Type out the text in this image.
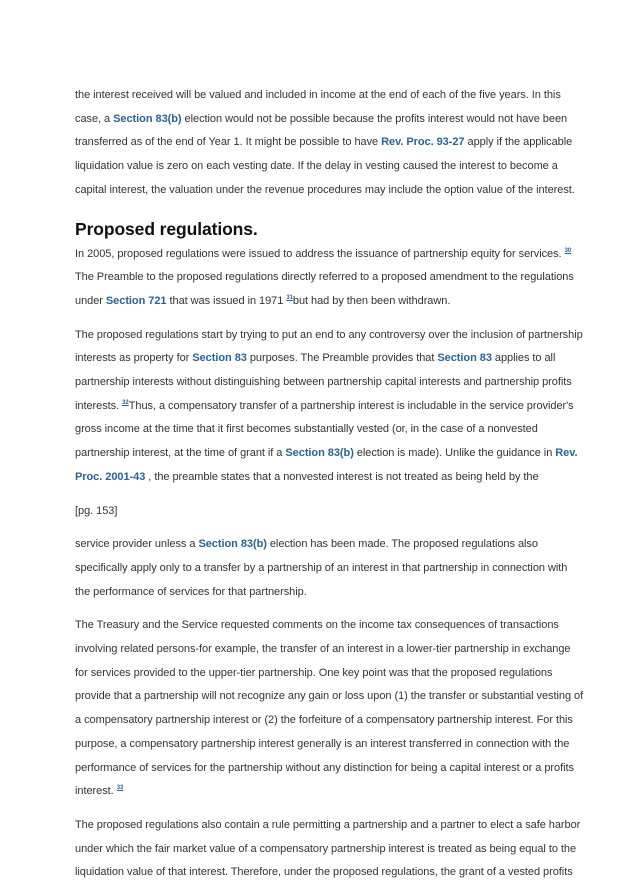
the interest received will be valued and included in income at the end of each of the five years. In this
case, a Section 83(b) election would not be possible because the profits interest would not have been
transferred as of the end of Year 1. It might be possible to have Rev. Proc. 93-27 apply if the applicable
liquidation value is zero on each vesting date. If the delay in vesting caused the interest to become a
capital interest, the valuation under the revenue procedures may include the option value of the interest.

Proposed regulations.

In 2005, proposed regulations were issued to address the issuance of partnership equity for services. $^{30}$
The Preamble to the proposed regulations directly referred to a proposed amendment to the regulations
under Section 721 that was issued in 1971 $^{31}$but had by then been withdrawn.

The proposed regulations start by trying to put an end to any controversy over the inclusion of partnership
interests as property for Section 83 purposes. The Preamble provides that Section 83 applies to all
partnership interests without distinguishing between partnership capital interests and partnership profits
interests. $^{32}$Thus, a compensatory transfer of a partnership interest is includable in the service provider's
gross income at the time that it first becomes substantially vested (or, in the case of a nonvested
partnership interest, at the time of grant if a Section 83(b) election is made). Unlike the guidance in Rev.
Proc. 2001-43 , the preamble states that a nonvested interest is not treated as being held by the

[pg. 153]

service provider unless a Section 83(b) election has been made. The proposed regulations also
specifically apply only to a transfer by a partnership of an interest in that partnership in connection with
the performance of services for that partnership.

The Treasury and the Service requested comments on the income tax consequences of transactions
involving related persons-for example, the transfer of an interest in a lower-tier partnership in exchange
for services provided to the upper-tier partnership. One key point was that the proposed regulations
provide that a partnership will not recognize any gain or loss upon (1) the transfer or substantial vesting of
a compensatory partnership interest or (2) the forfeiture of a compensatory partnership interest. For this
purpose, a compensatory partnership interest generally is an interest transferred in connection with the
performance of services for the partnership without any distinction for being a capital interest or a profits
interest. $^{33}$

The proposed regulations also contain a rule permitting a partnership and a partner to elect a safe harbor
under which the fair market value of a compensatory partnership interest is treated as being equal to the
liquidation value of that interest. Therefore, under the proposed regulations, the grant of a vested profits
